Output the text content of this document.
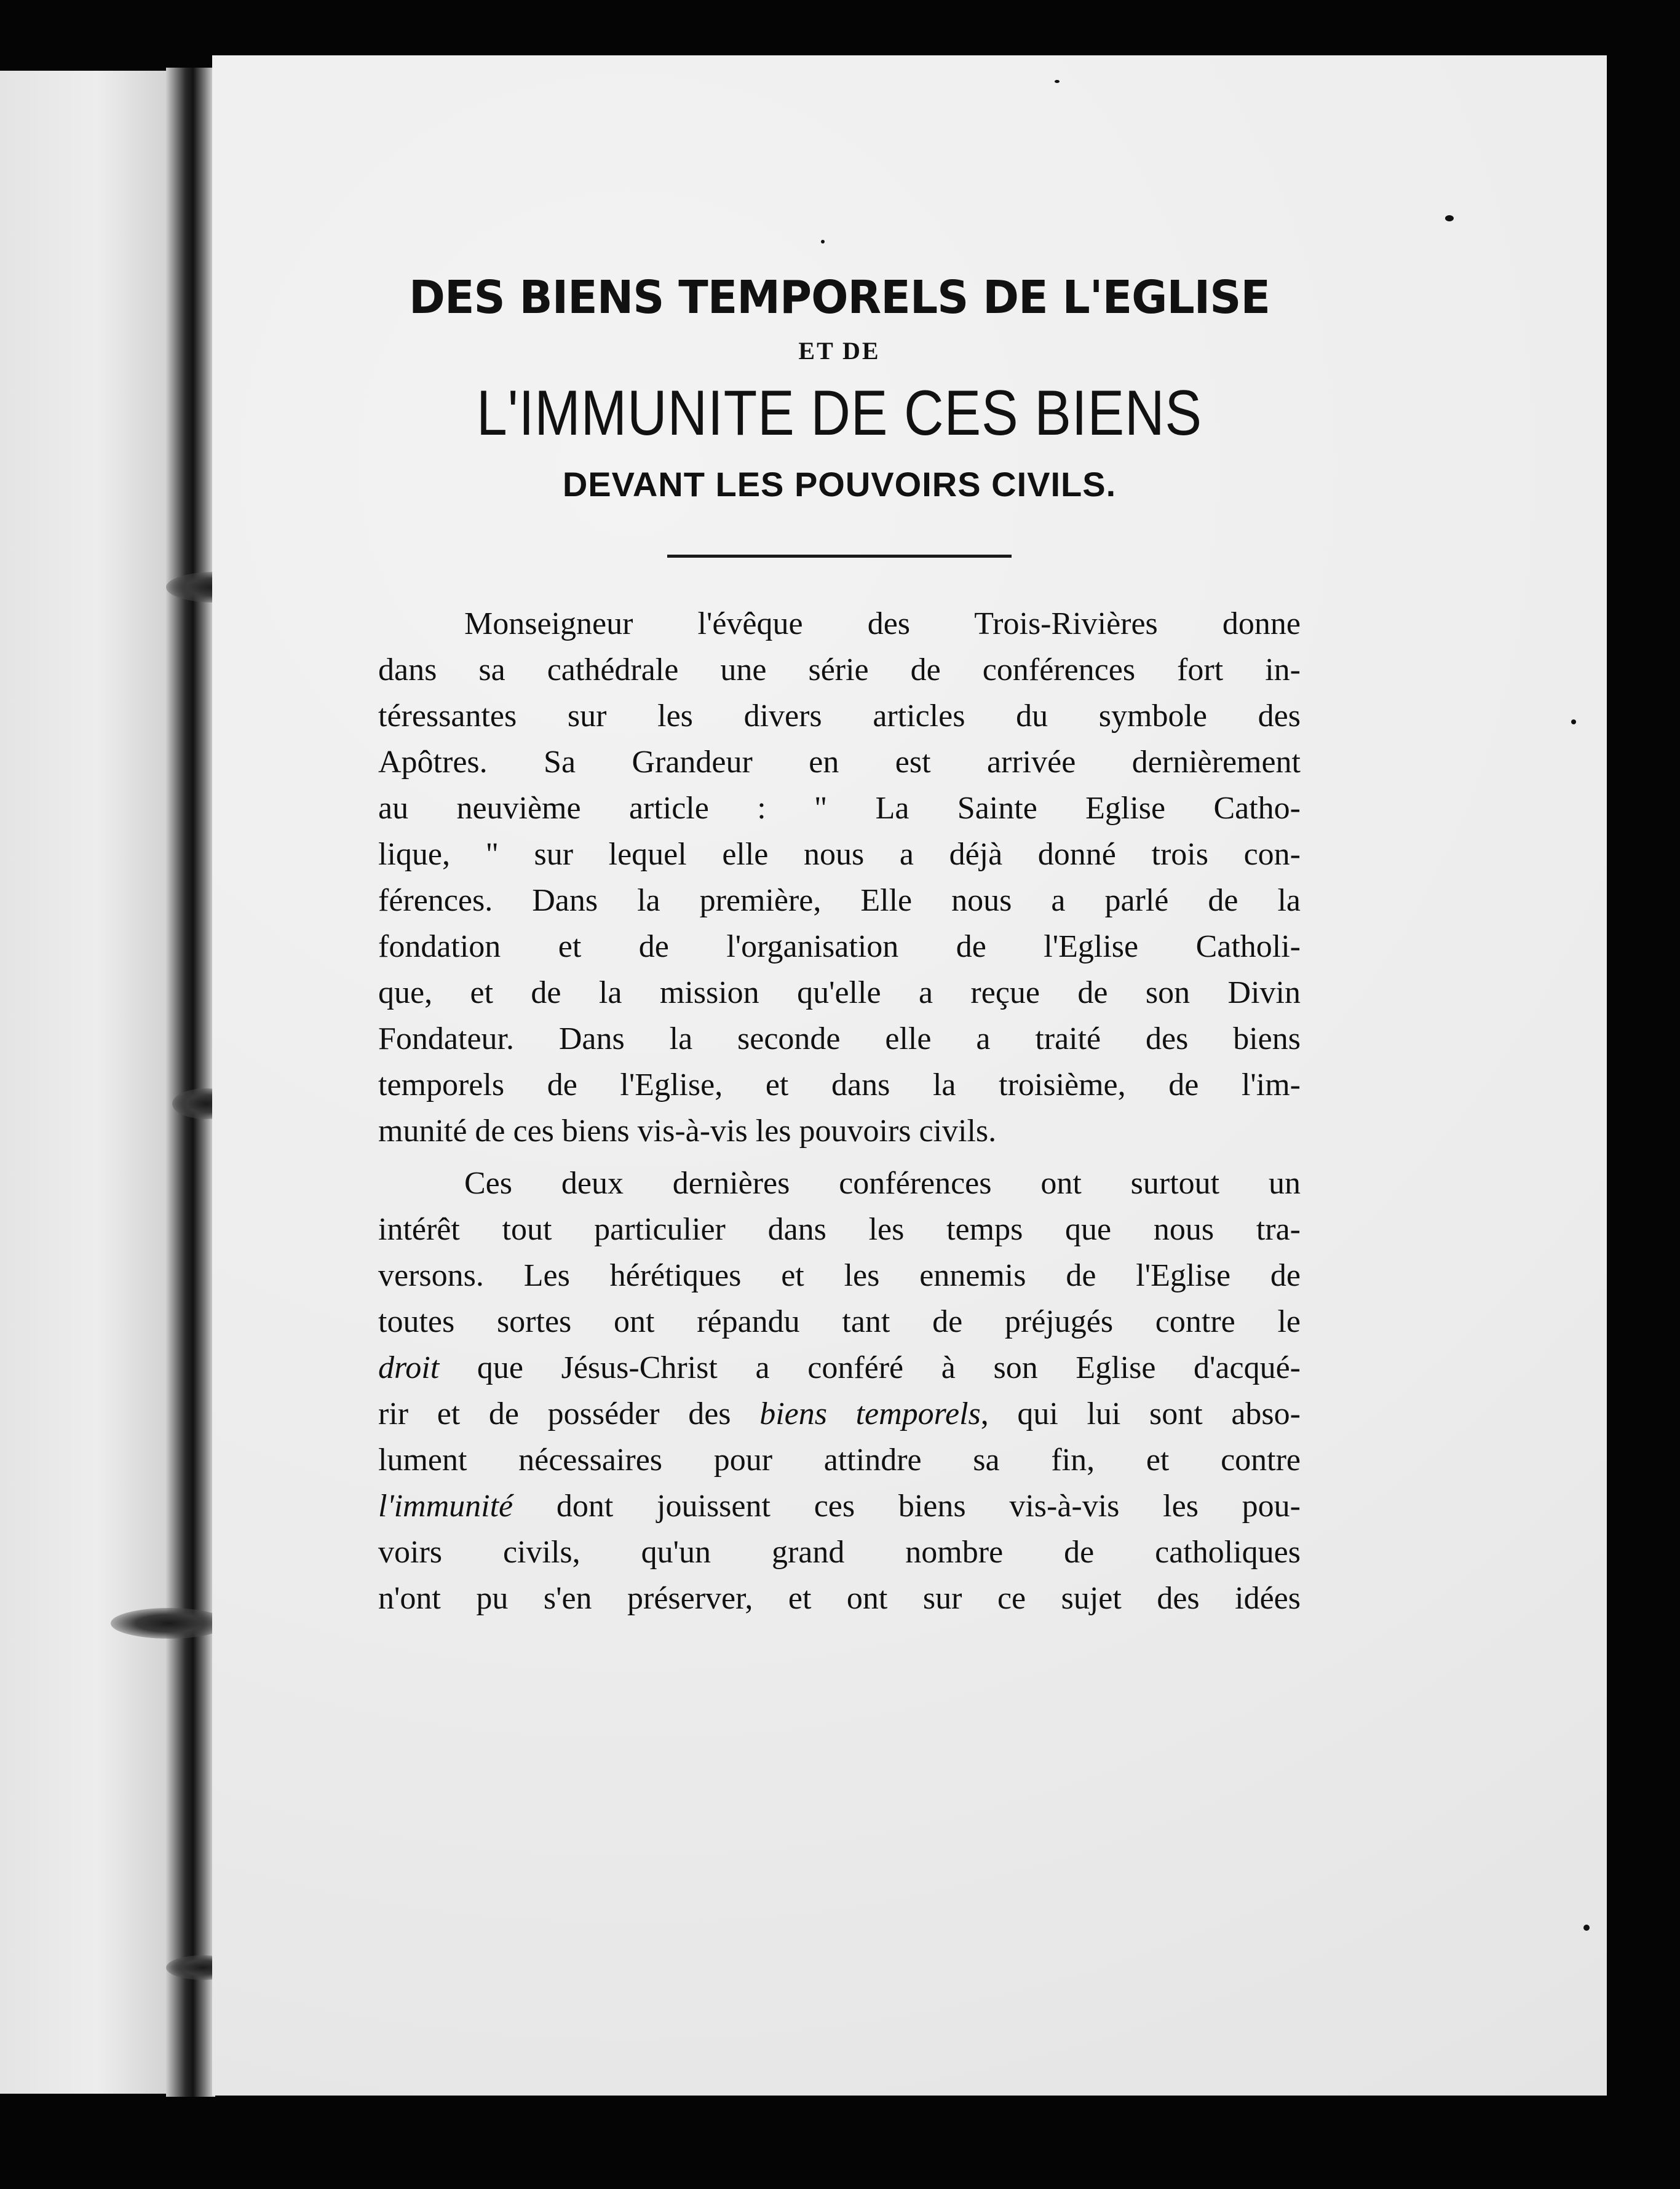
DES BIENS TEMPORELS DE L'EGLISE
ET DE
L'IMMUNITE DE CES BIENS
DEVANT LES POUVOIRS CIVILS.

Monseigneur l'évêque des Trois-Rivières donne
dans sa cathédrale une série de conférences fort in-
téressantes sur les divers articles du symbole des
Apôtres. Sa Grandeur en est arrivée dernièrement
au neuvième article : " La Sainte Eglise Catho-
lique, " sur lequel elle nous a déjà donné trois con-
férences. Dans la première, Elle nous a parlé de la
fondation et de l'organisation de l'Eglise Catholi-
que, et de la mission qu'elle a reçue de son Divin
Fondateur. Dans la seconde elle a traité des biens
temporels de l'Eglise, et dans la troisième, de l'im-
munité de ces biens vis-à-vis les pouvoirs civils.

Ces deux dernières conférences ont surtout un
intérêt tout particulier dans les temps que nous tra-
versons. Les hérétiques et les ennemis de l'Eglise de
toutes sortes ont répandu tant de préjugés contre le
droit que Jésus-Christ a conféré à son Eglise d'acqué-
rir et de posséder des biens temporels, qui lui sont abso-
lument nécessaires pour attindre sa fin, et contre
l'immunité dont jouissent ces biens vis-à-vis les pou-
voirs civils, qu'un grand nombre de catholiques
n'ont pu s'en préserver, et ont sur ce sujet des idées
